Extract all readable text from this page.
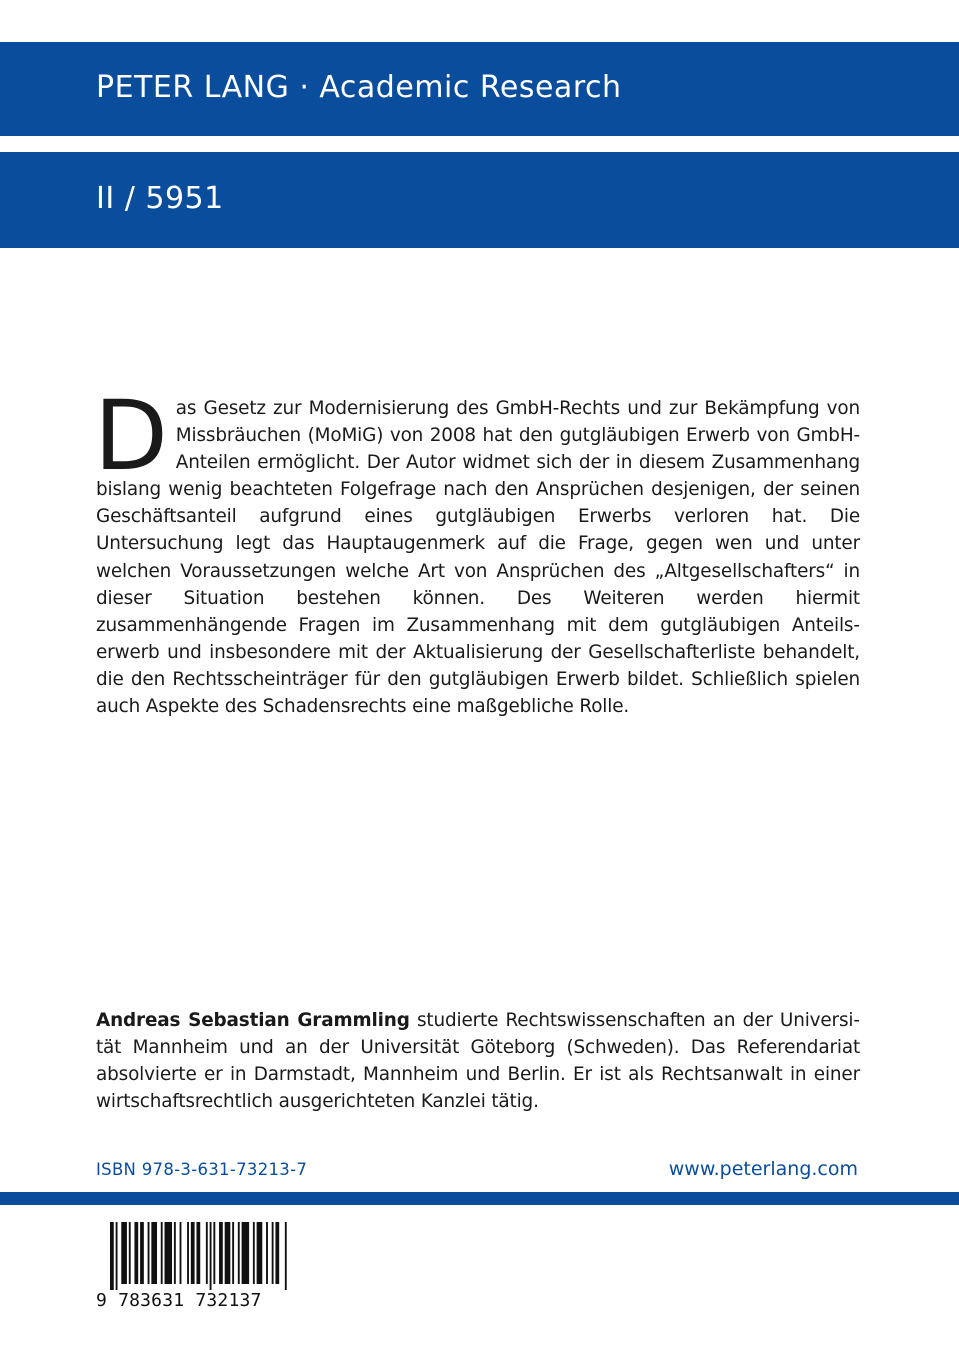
PETER LANG · Academic Research
II / 5951
Das Gesetz zur Modernisierung des GmbH-Rechts und zur Bekämpfung von Missbräuchen (MoMiG) von 2008 hat den gutgläubigen Erwerb von GmbH-Anteilen ermöglicht. Der Autor widmet sich der in diesem Zusammenhang bislang wenig beachteten Folgefrage nach den Ansprüchen desjenigen, der seinen Geschäftsanteil aufgrund eines gutgläubigen Erwerbs verloren hat. Die Untersuchung legt das Hauptaugenmerk auf die Frage, gegen wen und unter welchen Voraussetzungen welche Art von Ansprüchen des „Altgesellschafters“ in dieser Situation bestehen können. Des Weiteren werden hiermit zusammenhängende Fragen im Zusammenhang mit dem gutgläubigen Anteilserwerb und insbesondere mit der Aktualisierung der Gesellschafterliste behandelt, die den Rechtsscheinträger für den gutgläubigen Erwerb bildet. Schließlich spielen auch Aspekte des Schadensrechts eine maßgebliche Rolle.
Andreas Sebastian Grammling studierte Rechtswissenschaften an der Universität Mannheim und an der Universität Göteborg (Schweden). Das Referendariat absolvierte er in Darmstadt, Mannheim und Berlin. Er ist als Rechtsanwalt in einer wirtschaftsrechtlich ausgerichteten Kanzlei tätig.
ISBN 978-3-631-73213-7	www.peterlang.com
9 783631 732137
